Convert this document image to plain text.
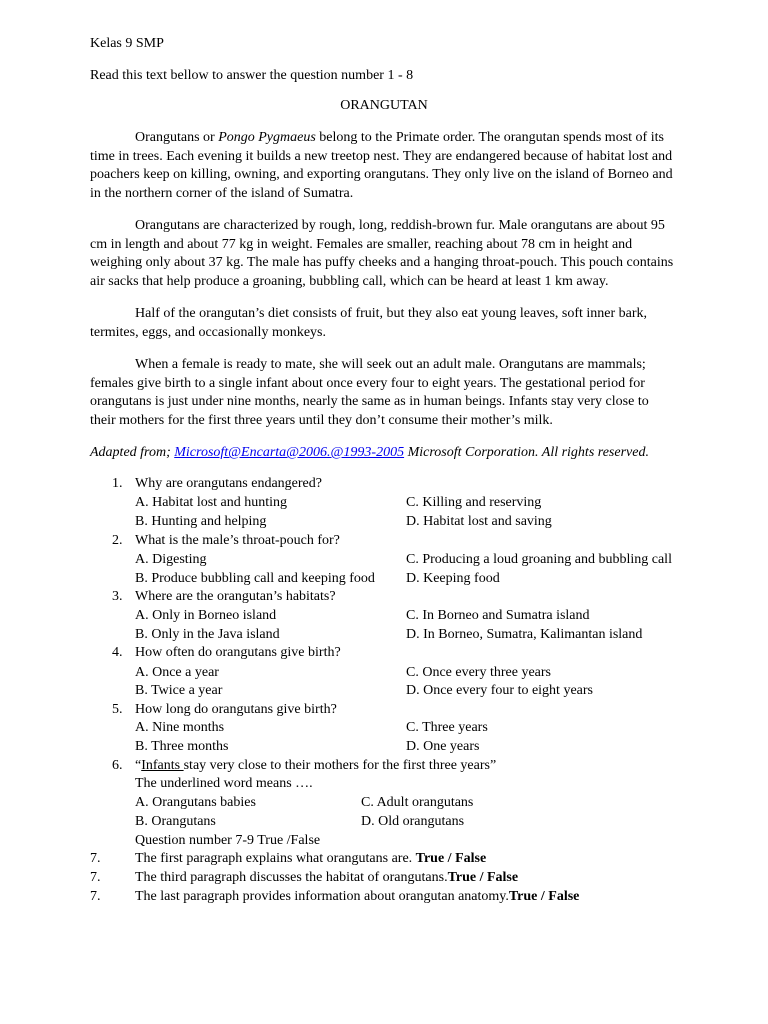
Kelas 9 SMP
Read this text bellow to answer the question number 1 - 8
ORANGUTAN

Orangutans or Pongo Pygmaeus belong to the Primate order. The orangutan spends most of its time in trees. Each evening it builds a new treetop nest. They are endangered because of habitat lost and poachers keep on killing, owning, and exporting orangutans. They only live on the island of Borneo and in the northern corner of the island of Sumatra.

Orangutans are characterized by rough, long, reddish-brown fur. Male orangutans are about 95 cm in length and about 77 kg in weight. Females are smaller, reaching about 78 cm in height and weighing only about 37 kg. The male has puffy cheeks and a hanging throat-pouch. This pouch contains air sacks that help produce a groaning, bubbling call, which can be heard at least 1 km away.

Half of the orangutan’s diet consists of fruit, but they also eat young leaves, soft inner bark, termites, eggs, and occasionally monkeys.

When a female is ready to mate, she will seek out an adult male. Orangutans are mammals; females give birth to a single infant about once every four to eight years. The gestational period for orangutans is just under nine months, nearly the same as in human beings. Infants stay very close to their mothers for the first three years until they don’t consume their mother’s milk.

Adapted from; Microsoft@Encarta@2006.@1993-2005 Microsoft Corporation. All rights reserved.
1. Why are orangutans endangered?
A. Habitat lost and hunting	C. Killing and reserving
B. Hunting and helping	D. Habitat lost and saving
2. What is the male’s throat-pouch for?
A. Digesting	C. Producing a loud groaning and bubbling call
B. Produce bubbling call and keeping food D. Keeping food
3. Where are the orangutan’s habitats?
A. Only in Borneo island	C. In Borneo and Sumatra island
B. Only in the Java island	D. In Borneo, Sumatra, Kalimantan island
4. How often do orangutans give birth?
A. Once a year	C. Once every three years
B. Twice a year	D. Once every four to eight years
5. How long do orangutans give birth?
A. Nine months	C. Three years
B. Three months	D. One years
6. “Infants stay very close to their mothers for the first three years”
The underlined word means ….
A. Orangutans babies	C. Adult orangutans
B. Orangutans	D. Old orangutans
Question number 7-9 True /False
7. The first paragraph explains what orangutans are. True / False
7. The third paragraph discusses the habitat of orangutans.True / False
7. The last paragraph provides information about orangutan anatomy.True / False
